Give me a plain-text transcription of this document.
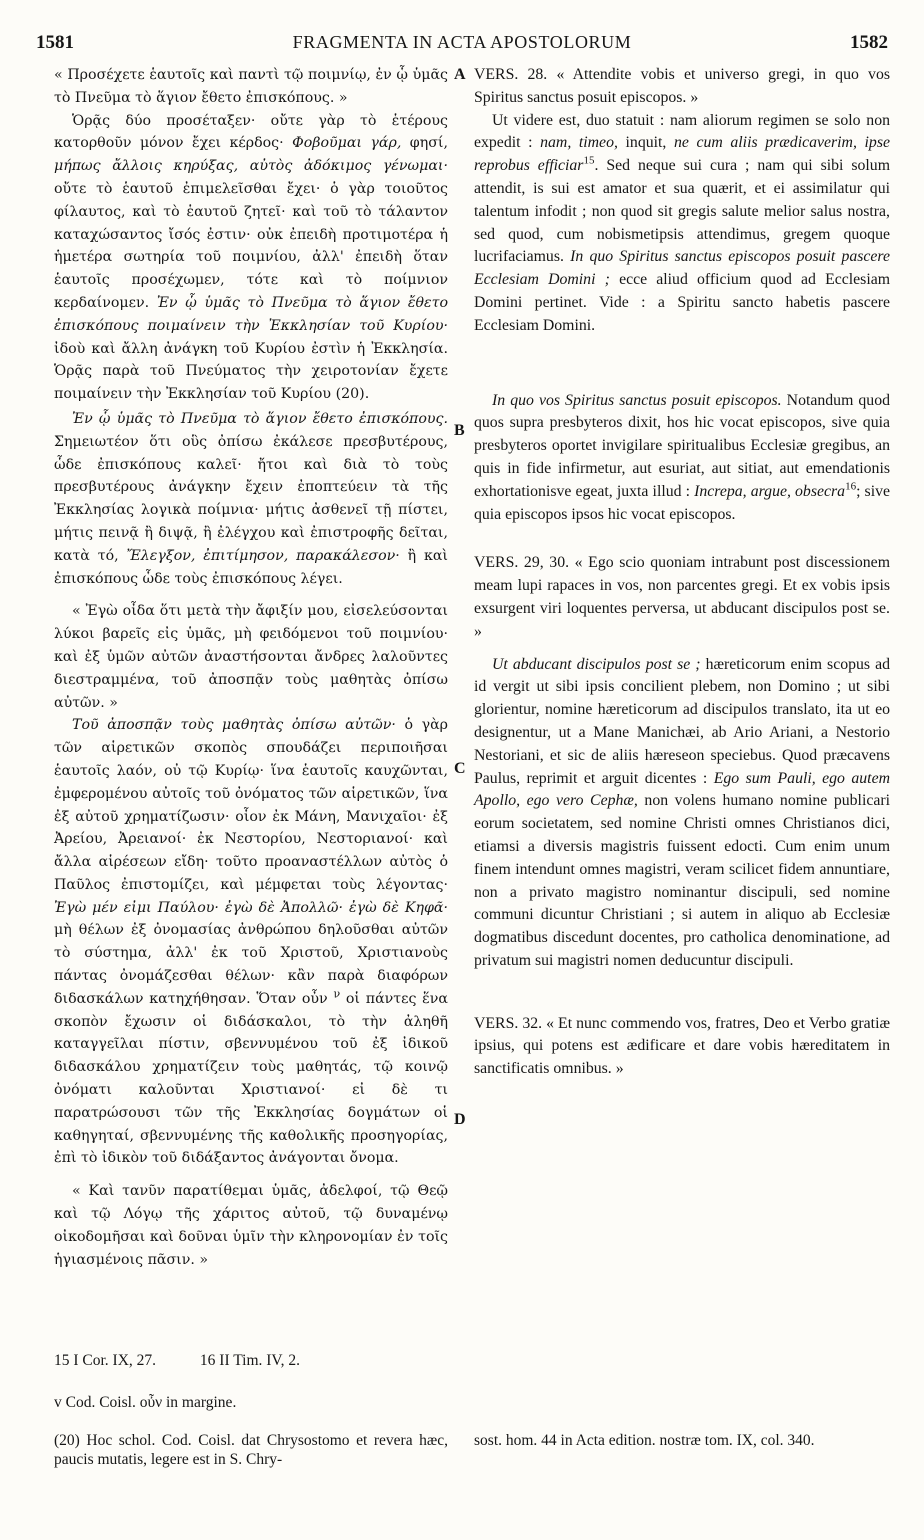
1581	FRAGMENTA IN ACTA APOSTOLORUM	1582

« Προσέχετε ἑαυτοῖς καὶ παντὶ τῷ ποιμνίῳ, ἐν ᾧ ὑμᾶς τὸ Πνεῦμα τὸ ἅγιον ἔθετο ἐπισκόπους. »

Ὁρᾷς δύο προσέταξεν· οὔτε γὰρ τὸ ἑτέρους κατορθοῦν μόνον ἔχει κέρδος· Φοβοῦμαι γάρ, φησί, μήπως ἄλλοις κηρύξας, αὐτὸς ἀδόκιμος γένωμαι· οὔτε τὸ ἑαυτοῦ ἐπιμελεῖσθαι ἔχει· ὁ γὰρ τοιοῦτος φίλαυτος, καὶ τὸ ἑαυτοῦ ζητεῖ· καὶ τοῦ τὸ τάλαντον καταχώσαντος ἴσός ἐστιν· οὐκ ἐπειδὴ προτιμοτέρα ἡ ἡμετέρα σωτηρία τοῦ ποιμνίου, ἀλλ' ἐπειδὴ ὅταν ἑαυτοῖς προσέχωμεν, τότε καὶ τὸ ποίμνιον κερδαίνομεν. Ἐν ᾧ ὑμᾶς τὸ Πνεῦμα τὸ ἅγιον ἔθετο ἐπισκόπους ποιμαίνειν τὴν Ἐκκλησίαν τοῦ Κυρίου· ἰδοὺ καὶ ἄλλη ἀνάγκη τοῦ Κυρίου ἐστὶν ἡ Ἐκκλησία. Ὁρᾷς παρὰ τοῦ Πνεύματος τὴν χειροτονίαν ἔχετε ποιμαίνειν τὴν Ἐκκλησίαν τοῦ Κυρίου (20).

Ἐν ᾧ ὑμᾶς τὸ Πνεῦμα τὸ ἅγιον ἔθετο ἐπισκόπους. Σημειωτέον ὅτι οὓς ὀπίσω ἐκάλεσε πρεσβυτέρους, ὧδε ἐπισκόπους καλεῖ· ἤτοι καὶ διὰ τὸ τοὺς πρεσβυτέρους ἀνάγκην ἔχειν ἐποπτεύειν τὰ τῆς Ἐκκλησίας λογικὰ ποίμνια· μήτις ἀσθενεῖ τῇ πίστει, μήτις πεινᾷ ἢ διψᾷ, ἢ ἐλέγχου καὶ ἐπιστροφῆς δεῖται, κατὰ τό, Ἔλεγξον, ἐπιτίμησον, παρακάλεσον· ἢ καὶ ἐπισκόπους ὧδε τοὺς ἐπισκόπους λέγει.

« Ἐγὼ οἶδα ὅτι μετὰ τὴν ἄφιξίν μου, εἰσελεύσονται λύκοι βαρεῖς εἰς ὑμᾶς, μὴ φειδόμενοι τοῦ ποιμνίου· καὶ ἐξ ὑμῶν αὐτῶν ἀναστήσονται ἄνδρες λαλοῦντες διεστραμμένα, τοῦ ἀποσπᾷν τοὺς μαθητὰς ὀπίσω αὐτῶν. »

Τοῦ ἀποσπᾷν τοὺς μαθητὰς ὀπίσω αὐτῶν· ὁ γὰρ τῶν αἱρετικῶν σκοπὸς σπουδάζει περιποιῆσαι ἑαυτοῖς λαόν, οὐ τῷ Κυρίῳ· ἵνα ἑαυτοῖς καυχῶνται, ἐμφερομένου αὐτοῖς τοῦ ὀνόματος τῶν αἱρετικῶν, ἵνα ἐξ αὐτοῦ χρηματίζωσιν· οἷον ἐκ Μάνη, Μανιχαῖοι· ἐξ Ἀρείου, Ἀρειανοί· ἐκ Νεστορίου, Νεστοριανοί· καὶ ἄλλα αἱρέσεων εἴδη· τοῦτο προαναστέλλων αὐτὸς ὁ Παῦλος ἐπιστομίζει, καὶ μέμφεται τοὺς λέγοντας· Ἐγὼ μέν εἰμι Παύλου· ἐγὼ δὲ Ἀπολλῶ· ἐγὼ δὲ Κηφᾶ· μὴ θέλων ἐξ ὀνομασίας ἀνθρώπου δηλοῦσθαι αὐτῶν τὸ σύστημα, ἀλλ' ἐκ τοῦ Χριστοῦ, Χριστιανοὺς πάντας ὀνομάζεσθαι θέλων· κἂν παρὰ διαφόρων διδασκάλων κατηχήθησαν. Ὅταν οὖν $^\nu$ οἱ πάντες ἕνα σκοπὸν ἔχωσιν οἱ διδάσκαλοι, τὸ τὴν ἀληθῆ καταγγεῖλαι πίστιν, σβεννυμένου τοῦ ἐξ ἰδικοῦ διδασκάλου χρηματίζειν τοὺς μαθητάς, τῷ κοινῷ ὀνόματι καλοῦνται Χριστιανοί· εἰ δὲ τι παρατρώσουσι τῶν τῆς Ἐκκλησίας δογμάτων οἱ καθηγηταί, σβεννυμένης τῆς καθολικῆς προσηγορίας, ἐπὶ τὸ ἰδικὸν τοῦ διδάξαντος ἀνάγονται ὄνομα.

« Καὶ τανῦν παρατίθεμαι ὑμᾶς, ἀδελφοί, τῷ Θεῷ καὶ τῷ Λόγῳ τῆς χάριτος αὐτοῦ, τῷ δυναμένῳ οἰκοδομῆσαι καὶ δοῦναι ὑμῖν τὴν κληρονομίαν ἐν τοῖς ἡγιασμένοις πᾶσιν. »

A
B
C
D

VERS. 28. « Attendite vobis et universo gregi, in quo vos Spiritus sanctus posuit episcopos. »

Ut videre est, duo statuit : nam aliorum regimen se solo non expedit : nam, timeo, inquit, ne cum aliis prædicaverim, ipse reprobus efficiar$^{15}$. Sed neque sui cura ; nam qui sibi solum attendit, is sui est amator et sua quærit, et ei assimilatur qui talentum infodit ; non quod sit gregis salute melior salus nostra, sed quod, cum nobismetipsis attendimus, gregem quoque lucrifaciamus. In quo Spiritus sanctus episcopos posuit pascere Ecclesiam Domini ; ecce aliud officium quod ad Ecclesiam Domini pertinet. Vide : a Spiritu sancto habetis pascere Ecclesiam Domini.

In quo vos Spiritus sanctus posuit episcopos. Notandum quod quos supra presbyteros dixit, hos hic vocat episcopos, sive quia presbyteros oportet invigilare spiritualibus Ecclesiæ gregibus, an quis in fide infirmetur, aut esuriat, aut sitiat, aut emendationis exhortationisve egeat, juxta illud : Increpa, argue, obsecra$^{16}$; sive quia episcopos ipsos hic vocat episcopos.

VERS. 29, 30. « Ego scio quoniam intrabunt post discessionem meam lupi rapaces in vos, non parcentes gregi. Et ex vobis ipsis exsurgent viri loquentes perversa, ut abducant discipulos post se. »

Ut abducant discipulos post se ; hæreticorum enim scopus ad id vergit ut sibi ipsis concilient plebem, non Domino ; ut sibi glorientur, nomine hæreticorum ad discipulos translato, ita ut eo designentur, ut a Mane Manichæi, ab Ario Ariani, a Nestorio Nestoriani, et sic de aliis hæreseon speciebus. Quod præcavens Paulus, reprimit et arguit dicentes : Ego sum Pauli, ego autem Apollo, ego vero Cephæ, non volens humano nomine publicari eorum societatem, sed nomine Christi omnes Christianos dici, etiamsi a diversis magistris fuissent edocti. Cum enim unum finem intendunt omnes magistri, veram scilicet fidem annuntiare, non a privato magistro nominantur discipuli, sed nomine communi dicuntur Christiani ; si autem in aliquo ab Ecclesiæ dogmatibus discedunt docentes, pro catholica denominatione, ad privatum sui magistri nomen deducuntur discipuli.

VERS. 32. « Et nunc commendo vos, fratres, Deo et Verbo gratiæ ipsius, qui potens est ædificare et dare vobis hæreditatem in sanctificatis omnibus. »

15 I Cor. IX, 27.	16 II Tim. IV, 2.
v Cod. Coisl. οὖν in margine.
(20) Hoc schol. Cod. Coisl. dat Chrysostomo et revera hæc, paucis mutatis, legere est in S. Chry-
sost. hom. 44 in Acta edition. nostræ tom. IX, col. 340.
